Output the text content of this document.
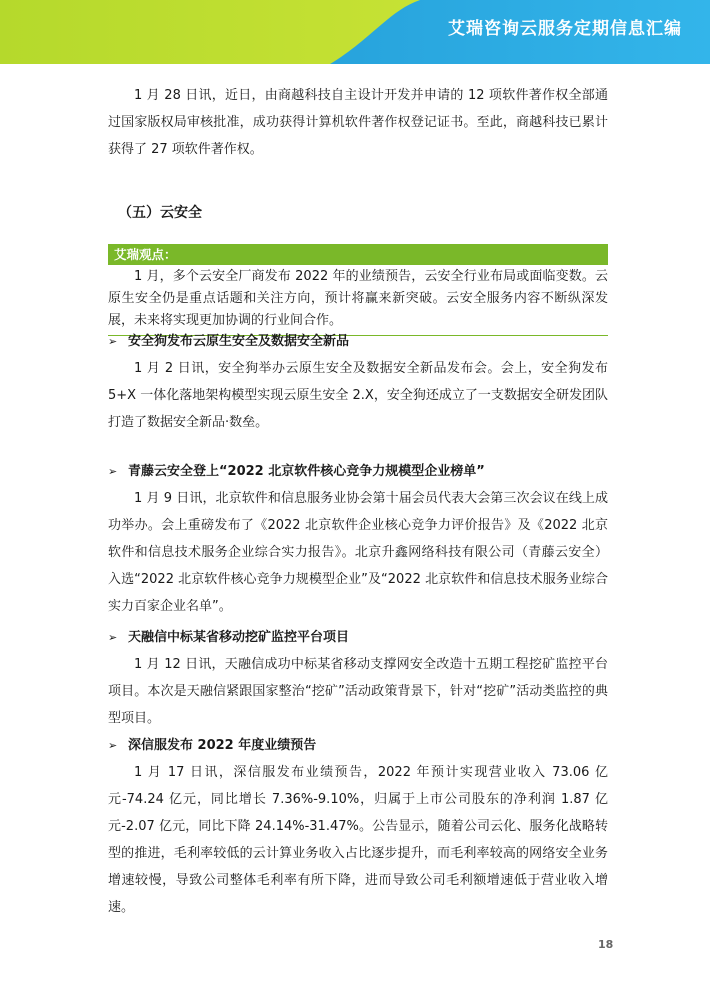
艾瑞咨询云服务定期信息汇编

1 月 28 日讯，近日，由商越科技自主设计开发并申请的 12 项软件著作权全部通过国家版权局审核批准，成功获得计算机软件著作权登记证书。至此，商越科技已累计获得了 27 项软件著作权。

（五）云安全
艾瑞观点：

1 月，多个云安全厂商发布 2022 年的业绩预告，云安全行业布局或面临变数。云原生安全仍是重点话题和关注方向，预计将赢来新突破。云安全服务内容不断纵深发展，未来将实现更加协调的行业间合作。

➢ 安全狗发布云原生安全及数据安全新品

1 月 2 日讯，安全狗举办云原生安全及数据安全新品发布会。会上，安全狗发布 5+X 一体化落地架构模型实现云原生安全 2.X，安全狗还成立了一支数据安全研发团队打造了数据安全新品·数垒。

➢ 青藤云安全登上“2022 北京软件核心竞争力规模型企业榜单”

1 月 9 日讯，北京软件和信息服务业协会第十届会员代表大会第三次会议在线上成功举办。会上重磅发布了《2022 北京软件企业核心竞争力评价报告》及《2022 北京软件和信息技术服务企业综合实力报告》。北京升鑫网络科技有限公司（青藤云安全）入选“2022 北京软件核心竞争力规模型企业”及“2022 北京软件和信息技术服务业综合实力百家企业名单”。

➢ 天融信中标某省移动挖矿监控平台项目

1 月 12 日讯，天融信成功中标某省移动支撑网安全改造十五期工程挖矿监控平台项目。本次是天融信紧跟国家整治“挖矿”活动政策背景下，针对“挖矿”活动类监控的典型项目。

➢ 深信服发布 2022 年度业绩预告

1 月 17 日讯，深信服发布业绩预告，2022 年预计实现营业收入 73.06 亿元-74.24 亿元，同比增长 7.36%-9.10%，归属于上市公司股东的净利润 1.87 亿元-2.07 亿元，同比下降 24.14%-31.47%。公告显示，随着公司云化、服务化战略转型的推进，毛利率较低的云计算业务收入占比逐步提升，而毛利率较高的网络安全业务增速较慢，导致公司整体毛利率有所下降，进而导致公司毛利额增速低于营业收入增速。

18
